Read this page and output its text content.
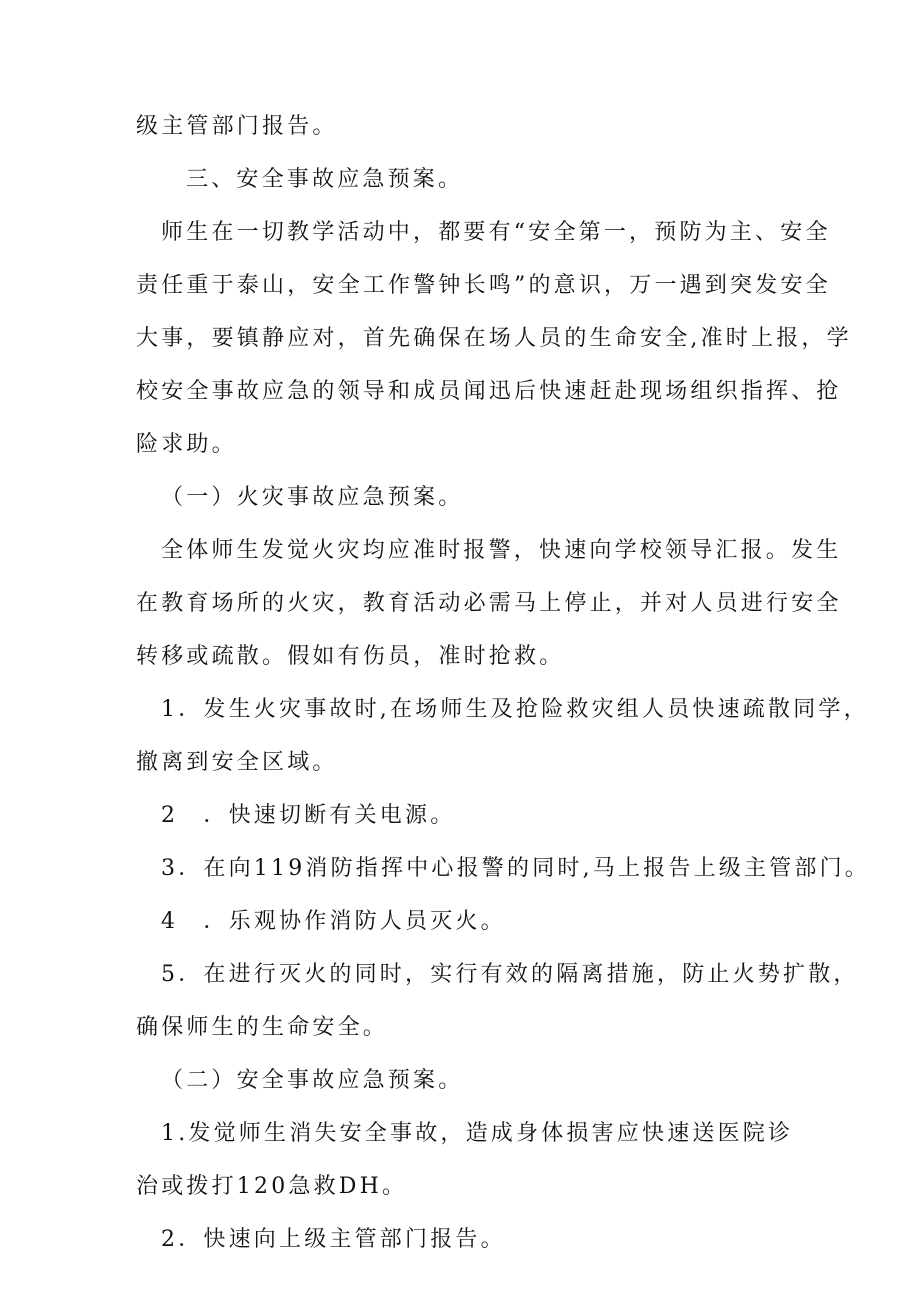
级主管部门报告。
三、安全事故应急预案。
师生在一切教学活动中，都要有“安全第一，预防为主、安全
责任重于泰山，安全工作警钟长鸣”的意识，万一遇到突发安全
大事，要镇静应对，首先确保在场人员的生命安全,准时上报，学
校安全事故应急的领导和成员闻迅后快速赶赴现场组织指挥、抢
险求助。
（一）火灾事故应急预案。
全体师生发觉火灾均应准时报警，快速向学校领导汇报。发生
在教育场所的火灾，教育活动必需马上停止，并对人员进行安全
转移或疏散。假如有伤员，准时抢救。
1．发生火灾事故时,在场师生及抢险救灾组人员快速疏散同学，
撤离到安全区域。
2　．快速切断有关电源。
3．在向119消防指挥中心报警的同时,马上报告上级主管部门。
4　．乐观协作消防人员灭火。
5．在进行灭火的同时，实行有效的隔离措施，防止火势扩散，
确保师生的生命安全。
（二）安全事故应急预案。
1.发觉师生消失安全事故，造成身体损害应快速送医院诊
治或拨打120急救DH。
2．快速向上级主管部门报告。
